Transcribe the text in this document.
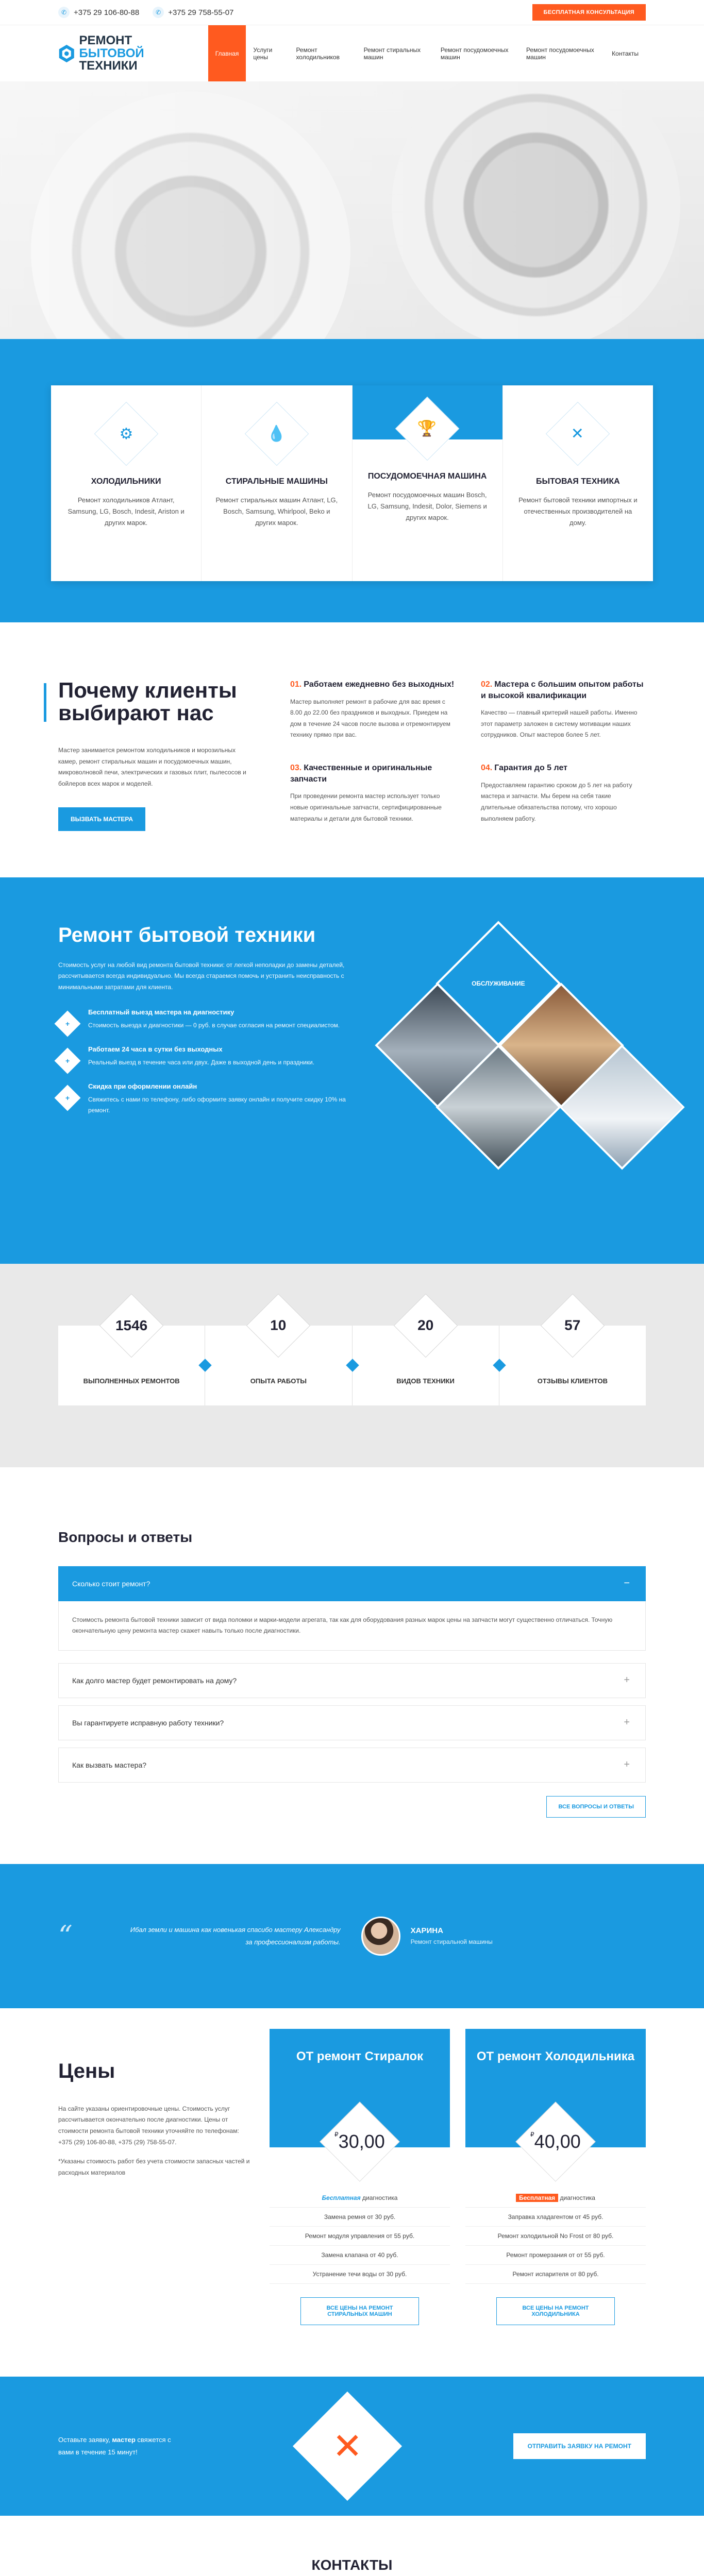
✆ +375 29 106-80-88	✆ +375 29 758-55-07	БЕСПЛАТНАЯ КОНСУЛЬТАЦИЯ
РЕМОНТ
БЫТОВОЙ ТЕХНИКИ
Главная	Услуги цены
Ремонт холодильников
Ремонт стиральных машин
Ремонт посудомоечных машин
Ремонт посудомоечных машин	Контакты
⚙
ХОЛОДИЛЬНИКИ

Ремонт холодильников Атлант, Samsung, LG, Bosch, Indesit, Ariston и других марок.

💧
СТИРАЛЬНЫЕ МАШИНЫ

Ремонт стиральных машин Атлант, LG, Bosch, Samsung, Whirlpool, Beko и других марок.

🏆
ПОСУДОМОЕЧНАЯ МАШИНА

Ремонт посудомоечных машин Bosch, LG, Samsung, Indesit, Dolor, Siemens и других марок.

✕
БЫТОВАЯ ТЕХНИКА

Ремонт бытовой техники импортных и отечественных производителей на дому.

Почему клиенты выбирают нас

Мастер занимается ремонтом холодильников и морозильных камер, ремонт стиральных машин и посудомоечных машин, микроволновой печи, электрических и газовых плит, пылесосов и бойлеров всех марок и моделей.

ВЫЗВАТЬ МАСТЕРА
01. Работаем ежедневно без выходных!

Мастер выполняет ремонт в рабочие для вас время с 8.00 до 22.00 без праздников и выходных. Приедем на дом в течение 24 часов после вызова и отремонтируем технику прямо при вас.

02. Мастера с большим опытом работы и высокой квалификации

Качество — главный критерий нашей работы. Именно этот параметр заложен в систему мотивации наших сотрудников. Опыт мастеров более 5 лет.

03. Качественные и оригинальные запчасти

При проведении ремонта мастер использует только новые оригинальные запчасти, сертифицированные материалы и детали для бытовой техники.

04. Гарантия до 5 лет

Предоставляем гарантию сроком до 5 лет на работу мастера и запчасти. Мы берем на себя такие длительные обязательства потому, что хорошо выполняем работу.

Ремонт бытовой техники

Стоимость услуг на любой вид ремонта бытовой техники: от легкой неполадки до замены деталей, рассчитывается всегда индивидуально. Мы всегда стараемся помочь и устранить неисправность с минимальными затратами для клиента.

+
Бесплатный выезд мастера на диагностику

Стоимость выезда и диагностики — 0 руб. в случае согласия на ремонт специалистом.

+
Работаем 24 часа в сутки без выходных

Реальный выезд в течение часа или двух. Даже в выходной день и праздники.

+
Скидка при оформлении онлайн

Свяжитесь с нами по телефону, либо оформите заявку онлайн и получите скидку 10% на ремонт.

ОБСЛУЖИВАНИЕ
1546
ВЫПОЛНЕННЫХ РЕМОНТОВ
10
ОПЫТА РАБОТЫ
20
ВИДОВ ТЕХНИКИ
57
ОТЗЫВЫ КЛИЕНТОВ
Вопросы и ответы
Сколько стоит ремонт?	−
Стоимость ремонта бытовой техники зависит от вида поломки и марки-модели агрегата, так как для оборудования разных марок цены на запчасти могут существенно отличаться. Точную окончательную цену ремонта мастер скажет навыть только после диагностики.
Как долго мастер будет ремонтировать на дому?	+
Вы гарантируете исправную работу техники?	+
Как вызвать мастера?	+
ВСЕ ВОПРОСЫ И ОТВЕТЫ
“	Ибал земли и машина как новенькая спасибо мастеру Александру за профессионализм работы.

ХАРИНА
Ремонт стиральной машины
Цены

На сайте указаны ориентировочные цены. Стоимость услуг рассчитывается окончательно после диагностики. Цены от стоимости ремонта бытовой техники уточняйте по телефонам: +375 (29) 106-80-88, +375 (29) 758-55-07.

*Указаны стоимость работ без учета стоимости запасных частей и расходных материалов

ОТ ремонт Стиралок
₽30,00
Бесплатная диагностика
Замена ремня от 30 руб.
Ремонт модуля управления от 55 руб.
Замена клапана от 40 руб.
Устранение течи воды от 30 руб.
ВСЕ ЦЕНЫ НА РЕМОНТ СТИРАЛЬНЫХ МАШИН
ОТ ремонт Холодильника
₽40,00
Бесплатная диагностика
Заправка хладагентом от 45 руб.
Ремонт холодильной No Frost от 80 руб.
Ремонт промерзания от от 55 руб.
Ремонт испарителя от 80 руб.
ВСЕ ЦЕНЫ НА РЕМОНТ ХОЛОДИЛЬНИКА

Оставьте заявку, мастер свяжется с вами в течение 15 минут!	✕	ОТПРАВИТЬ ЗАЯВКУ НА РЕМОНТ
КОНТАКТЫ
